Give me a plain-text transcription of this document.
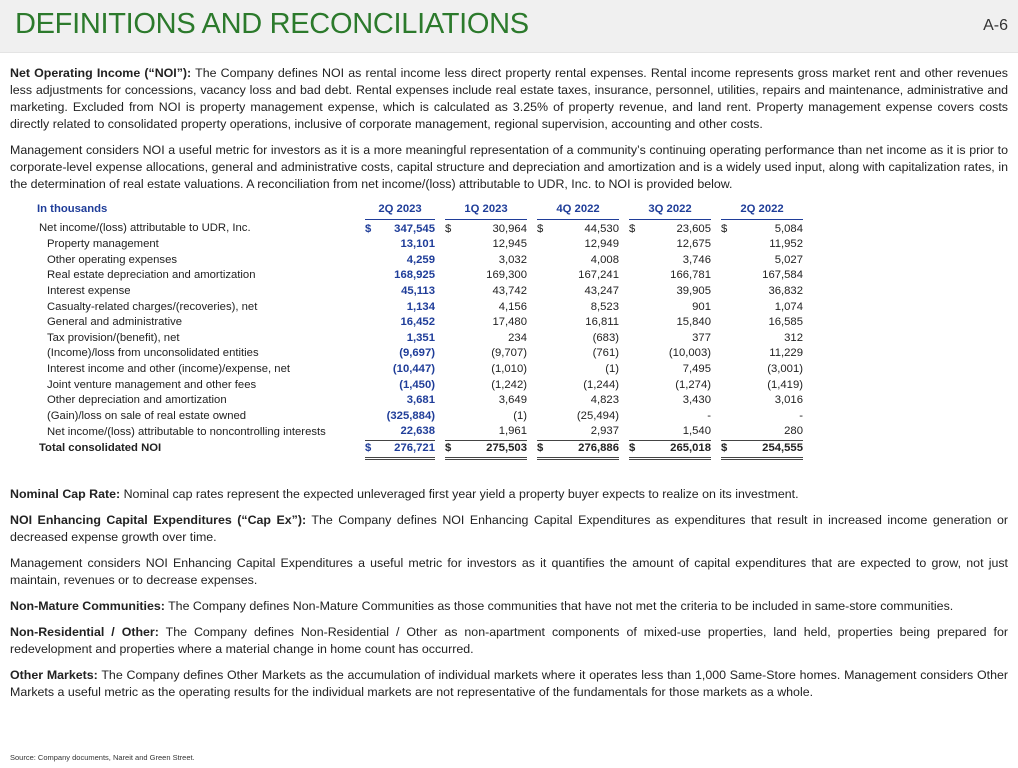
DEFINITIONS AND RECONCILIATIONS	A-6

Net Operating Income (“NOI”): The Company defines NOI as rental income less direct property rental expenses. Rental income represents gross market rent and other revenues less adjustments for concessions, vacancy loss and bad debt. Rental expenses include real estate taxes, insurance, personnel, utilities, repairs and maintenance, administrative and marketing. Excluded from NOI is property management expense, which is calculated as 3.25% of property revenue, and land rent. Property management expense covers costs directly related to consolidated property operations, inclusive of corporate management, regional supervision, accounting and other costs.

Management considers NOI a useful metric for investors as it is a more meaningful representation of a community’s continuing operating performance than net income as it is prior to corporate-level expense allocations, general and administrative costs, capital structure and depreciation and amortization and is a widely used input, along with capitalization rates, in the determination of real estate valuations. A reconciliation from net income/(loss) attributable to UDR, Inc. to NOI is provided below.

In thousands	2Q 2023			1Q 2023			4Q 2022			3Q 2022			2Q 2022	
Net income/(loss) attributable to UDR, Inc.	$	347,545		$	30,964		$	44,530		$	23,605		$	5,084
Property management		13,101			12,945			12,949			12,675			11,952
Other operating expenses		4,259			3,032			4,008			3,746			5,027
Real estate depreciation and amortization		168,925			169,300			167,241			166,781			167,584
Interest expense		45,113			43,742			43,247			39,905			36,832
Casualty-related charges/(recoveries), net		1,134			4,156			8,523			901			1,074
General and administrative		16,452			17,480			16,811			15,840			16,585
Tax provision/(benefit), net		1,351			234			(683)			377			312
(Income)/loss from unconsolidated entities		(9,697)			(9,707)			(761)			(10,003)			11,229
Interest income and other (income)/expense, net		(10,447)			(1,010)			(1)			7,495			(3,001)
Joint venture management and other fees		(1,450)			(1,242)			(1,244)			(1,274)			(1,419)
Other depreciation and amortization		3,681			3,649			4,823			3,430			3,016
(Gain)/loss on sale of real estate owned		(325,884)			(1)			(25,494)			-			-
Net income/(loss) attributable to noncontrolling interests		22,638			1,961			2,937			1,540			280
Total consolidated NOI	$	276,721		$	275,503		$	276,886		$	265,018		$	254,555

Nominal Cap Rate: Nominal cap rates represent the expected unleveraged first year yield a property buyer expects to realize on its investment.

NOI Enhancing Capital Expenditures (“Cap Ex”): The Company defines NOI Enhancing Capital Expenditures as expenditures that result in increased income generation or decreased expense growth over time.

Management considers NOI Enhancing Capital Expenditures a useful metric for investors as it quantifies the amount of capital expenditures that are expected to grow, not just maintain, revenues or to decrease expenses.

Non-Mature Communities: The Company defines Non-Mature Communities as those communities that have not met the criteria to be included in same-store communities.

Non-Residential / Other: The Company defines Non-Residential / Other as non-apartment components of mixed-use properties, land held, properties being prepared for redevelopment and properties where a material change in home count has occurred.

Other Markets: The Company defines Other Markets as the accumulation of individual markets where it operates less than 1,000 Same-Store homes. Management considers Other Markets a useful metric as the operating results for the individual markets are not representative of the fundamentals for those markets as a whole.

Source: Company documents, Nareit and Green Street.
